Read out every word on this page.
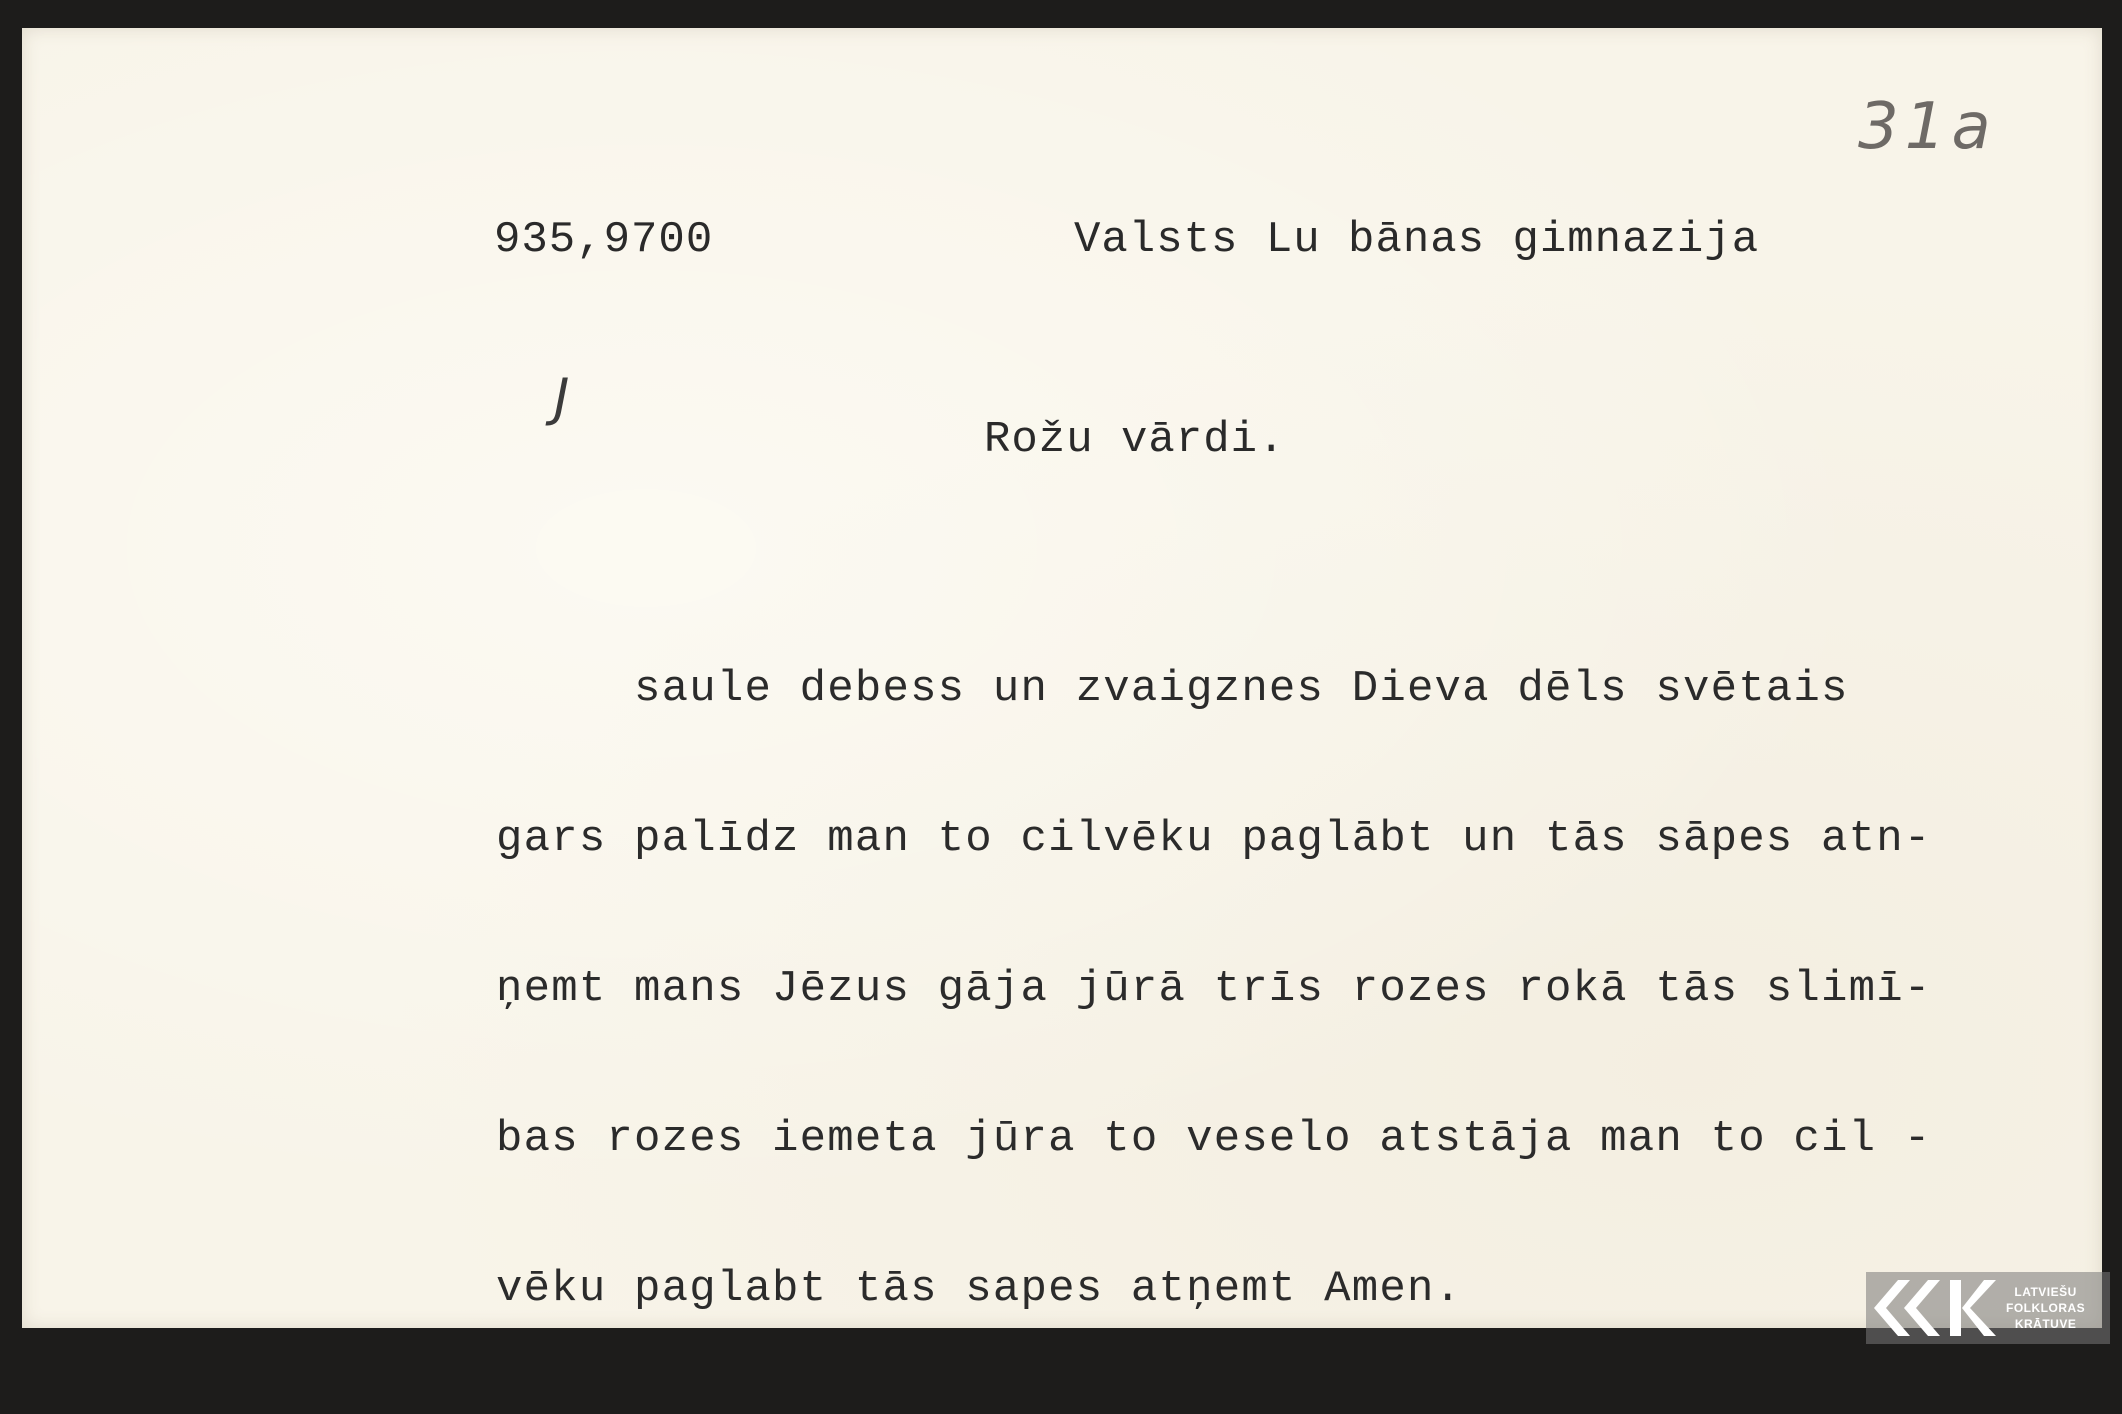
31a
935,9700	Valsts Lu bānas gimnazija
J
Rožu vārdi.

saule debess un zvaigznes Dieva dēls svētais

gars palīdz man to cilvēku paglābt un tās sāpes atn-

ņemt mans Jēzus gāja jūrā trīs rozes rokā tās slimī-

bas rozes iemeta jūra to veselo atstāja man to cil -

vēku paglabt tās sapes atņemt Amen.

	LATVIEŠU
FOLKLORAS
KRĀTUVE
